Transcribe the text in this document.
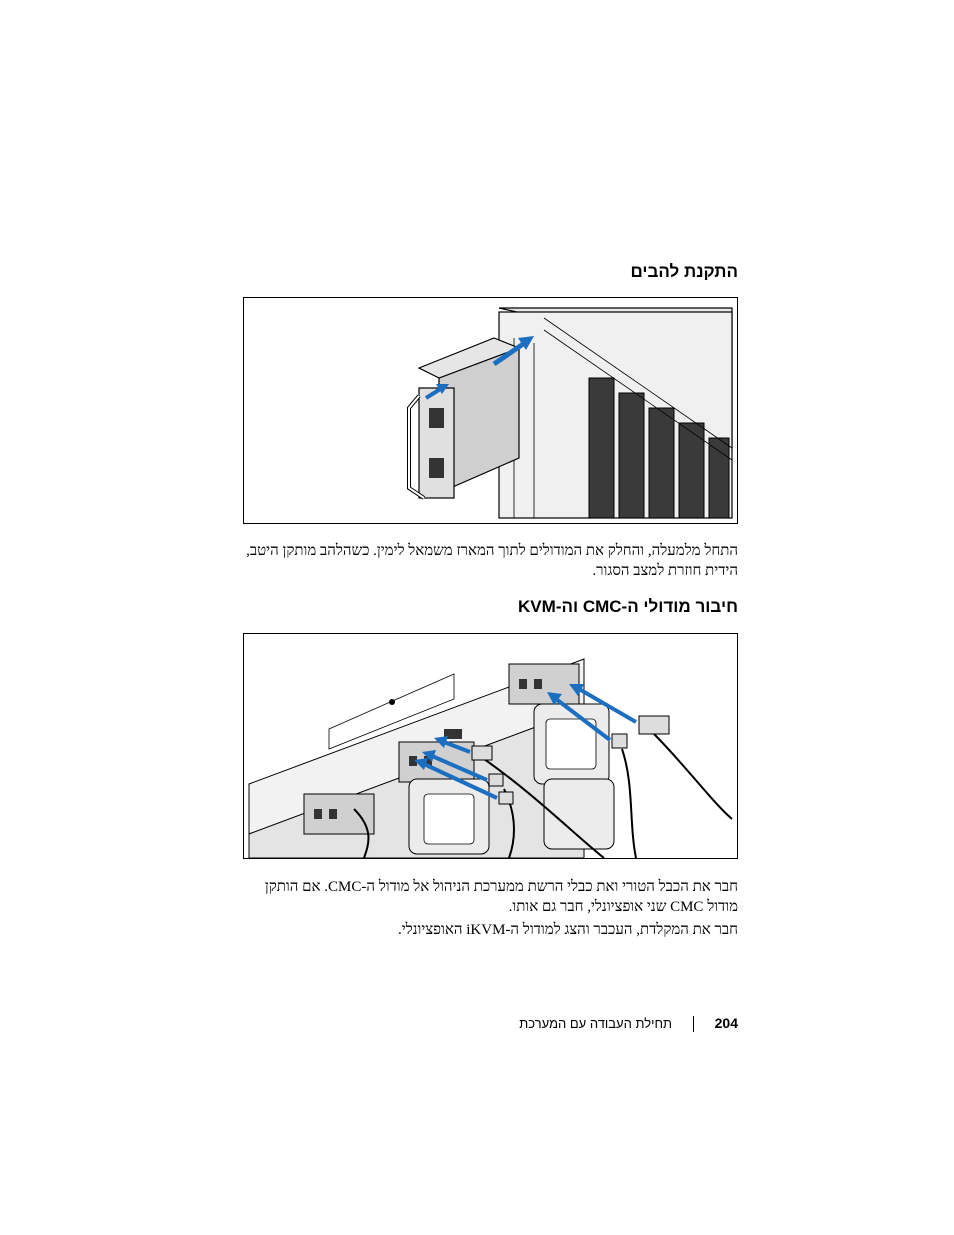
התקנת להבים
התחל מלמעלה, והחלק את המודולים לתוך המארז משמאל לימין. כשהלהב מותקן היטב,
הידית חוזרת למצב הסגור.
חיבור מודולי ה-CMC וה-KVM
חבר את הכבל הטורי ואת כבלי הרשת ממערכת הניהול אל מודול ה-CMC. אם הותקן
מודול CMC שני אופציונלי, חבר גם אותו.
חבר את המקלדת, העכבר והצג למודול ה-iKVM האופציונלי.
204
תחילת העבודה עם המערכת
